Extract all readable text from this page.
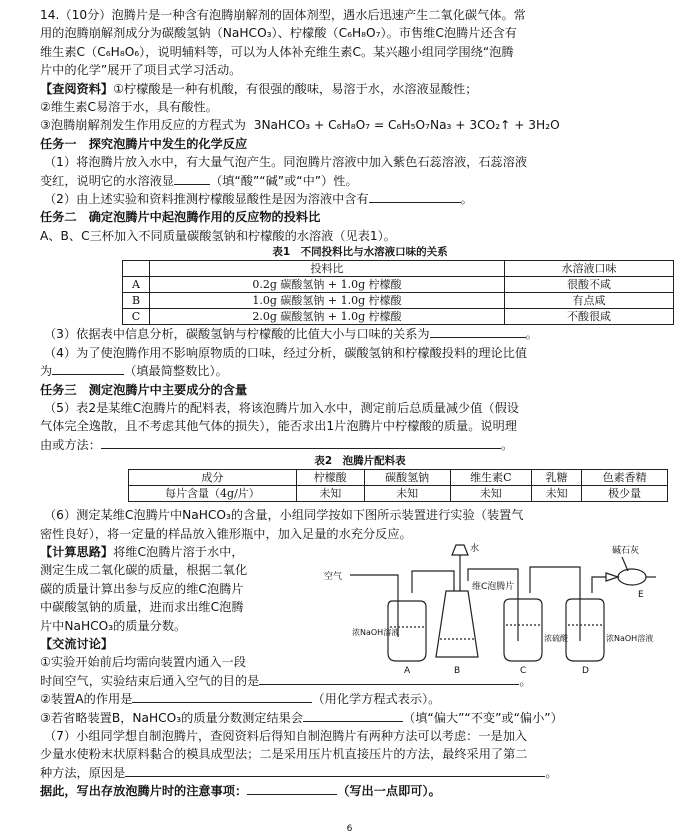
14.（10分）泡腾片是一种含有泡腾崩解剂的固体剂型，遇水后迅速产生二氧化碳气体。常
用的泡腾崩解剂成分为碳酸氢钠（NaHCO₃）、柠檬酸（C₆H₈O₇）。市售维C泡腾片还含有
维生素C（C₆H₈O₆），说明辅料等，可以为人体补充维生素C。某兴趣小组同学围绕“泡腾
片中的化学”展开了项目式学习活动。
【查阅资料】①柠檬酸是一种有机酸，有很强的酸味，易溶于水，水溶液显酸性；
②维生素C易溶于水，具有酸性。
③泡腾崩解剂发生作用反应的方程式为 3NaHCO₃ + C₆H₈O₇ = C₆H₅O₇Na₃ + 3CO₂↑ + 3H₂O
任务一　探究泡腾片中发生的化学反应
（1）将泡腾片放入水中，有大量气泡产生。同泡腾片溶液中加入紫色石蕊溶液，石蕊溶液
变红，说明它的水溶液显	（填“酸”“碱”或“中”）性。
（2）由上述实验和资料推测柠檬酸显酸性是因为溶液中含有	。
任务二　确定泡腾片中起泡腾作用的反应物的投料比
A、B、C三杯加入不同质量碳酸氢钠和柠檬酸的水溶液（见表1）。
表1　不同投料比与水溶液口味的关系
	投料比	水溶液口味
A	0.2g 碳酸氢钠 + 1.0g 柠檬酸	很酸不咸
B	1.0g 碳酸氢钠 + 1.0g 柠檬酸	有点咸
C	2.0g 碳酸氢钠 + 1.0g 柠檬酸	不酸很咸
（3）依据表中信息分析，碳酸氢钠与柠檬酸的比值大小与口味的关系为	。
（4）为了使泡腾作用不影响原物质的口味，经过分析，碳酸氢钠和柠檬酸投料的理论比值
为	（填最简整数比）。
任务三　测定泡腾片中主要成分的含量
（5）表2是某维C泡腾片的配料表，将该泡腾片加入水中，测定前后总质量减少值（假设
气体完全逸散，且不考虑其他气体的损失），能否求出1片泡腾片中柠檬酸的质量。说明理
由或方法：	。
表2　泡腾片配料表
成分	柠檬酸	碳酸氢钠	维生素C	乳糖	色素香精
每片含量（4g/片）	未知	未知	未知	未知	极少量
（6）测定某维C泡腾片中NaHCO₃的含量，小组同学按如下图所示装置进行实验（装置气
密性良好），将一定量的样品放入锥形瓶中，加入足量的水充分反应。
【计算思路】将维C泡腾片溶于水中，
测定生成二氧化碳的质量，根据二氧化
碳的质量计算出参与反应的维C泡腾片
中碳酸氢钠的质量，进而求出维C泡腾
片中NaHCO₃的质量分数。
【交流讨论】
①实验开始前后均需向装置内通入一段
空气
水
维C泡腾片
碱石灰
浓NaOH溶液
浓硫酸	浓NaOH溶液
A	B	C	D
E
时间空气，实验结束后通入空气的目的是	。
②装置A的作用是	（用化学方程式表示）。
③若省略装置B，NaHCO₃的质量分数测定结果会	（填“偏大”“不变”或“偏小”）
（7）小组同学想自制泡腾片，查阅资料后得知自制泡腾片有两种方法可以考虑：一是加入
少量水使粉末状原料黏合的模具成型法；二是采用压片机直接压片的方法，最终采用了第二
种方法，原因是	。
据此，写出存放泡腾片时的注意事项：	（写出一点即可）。
6
